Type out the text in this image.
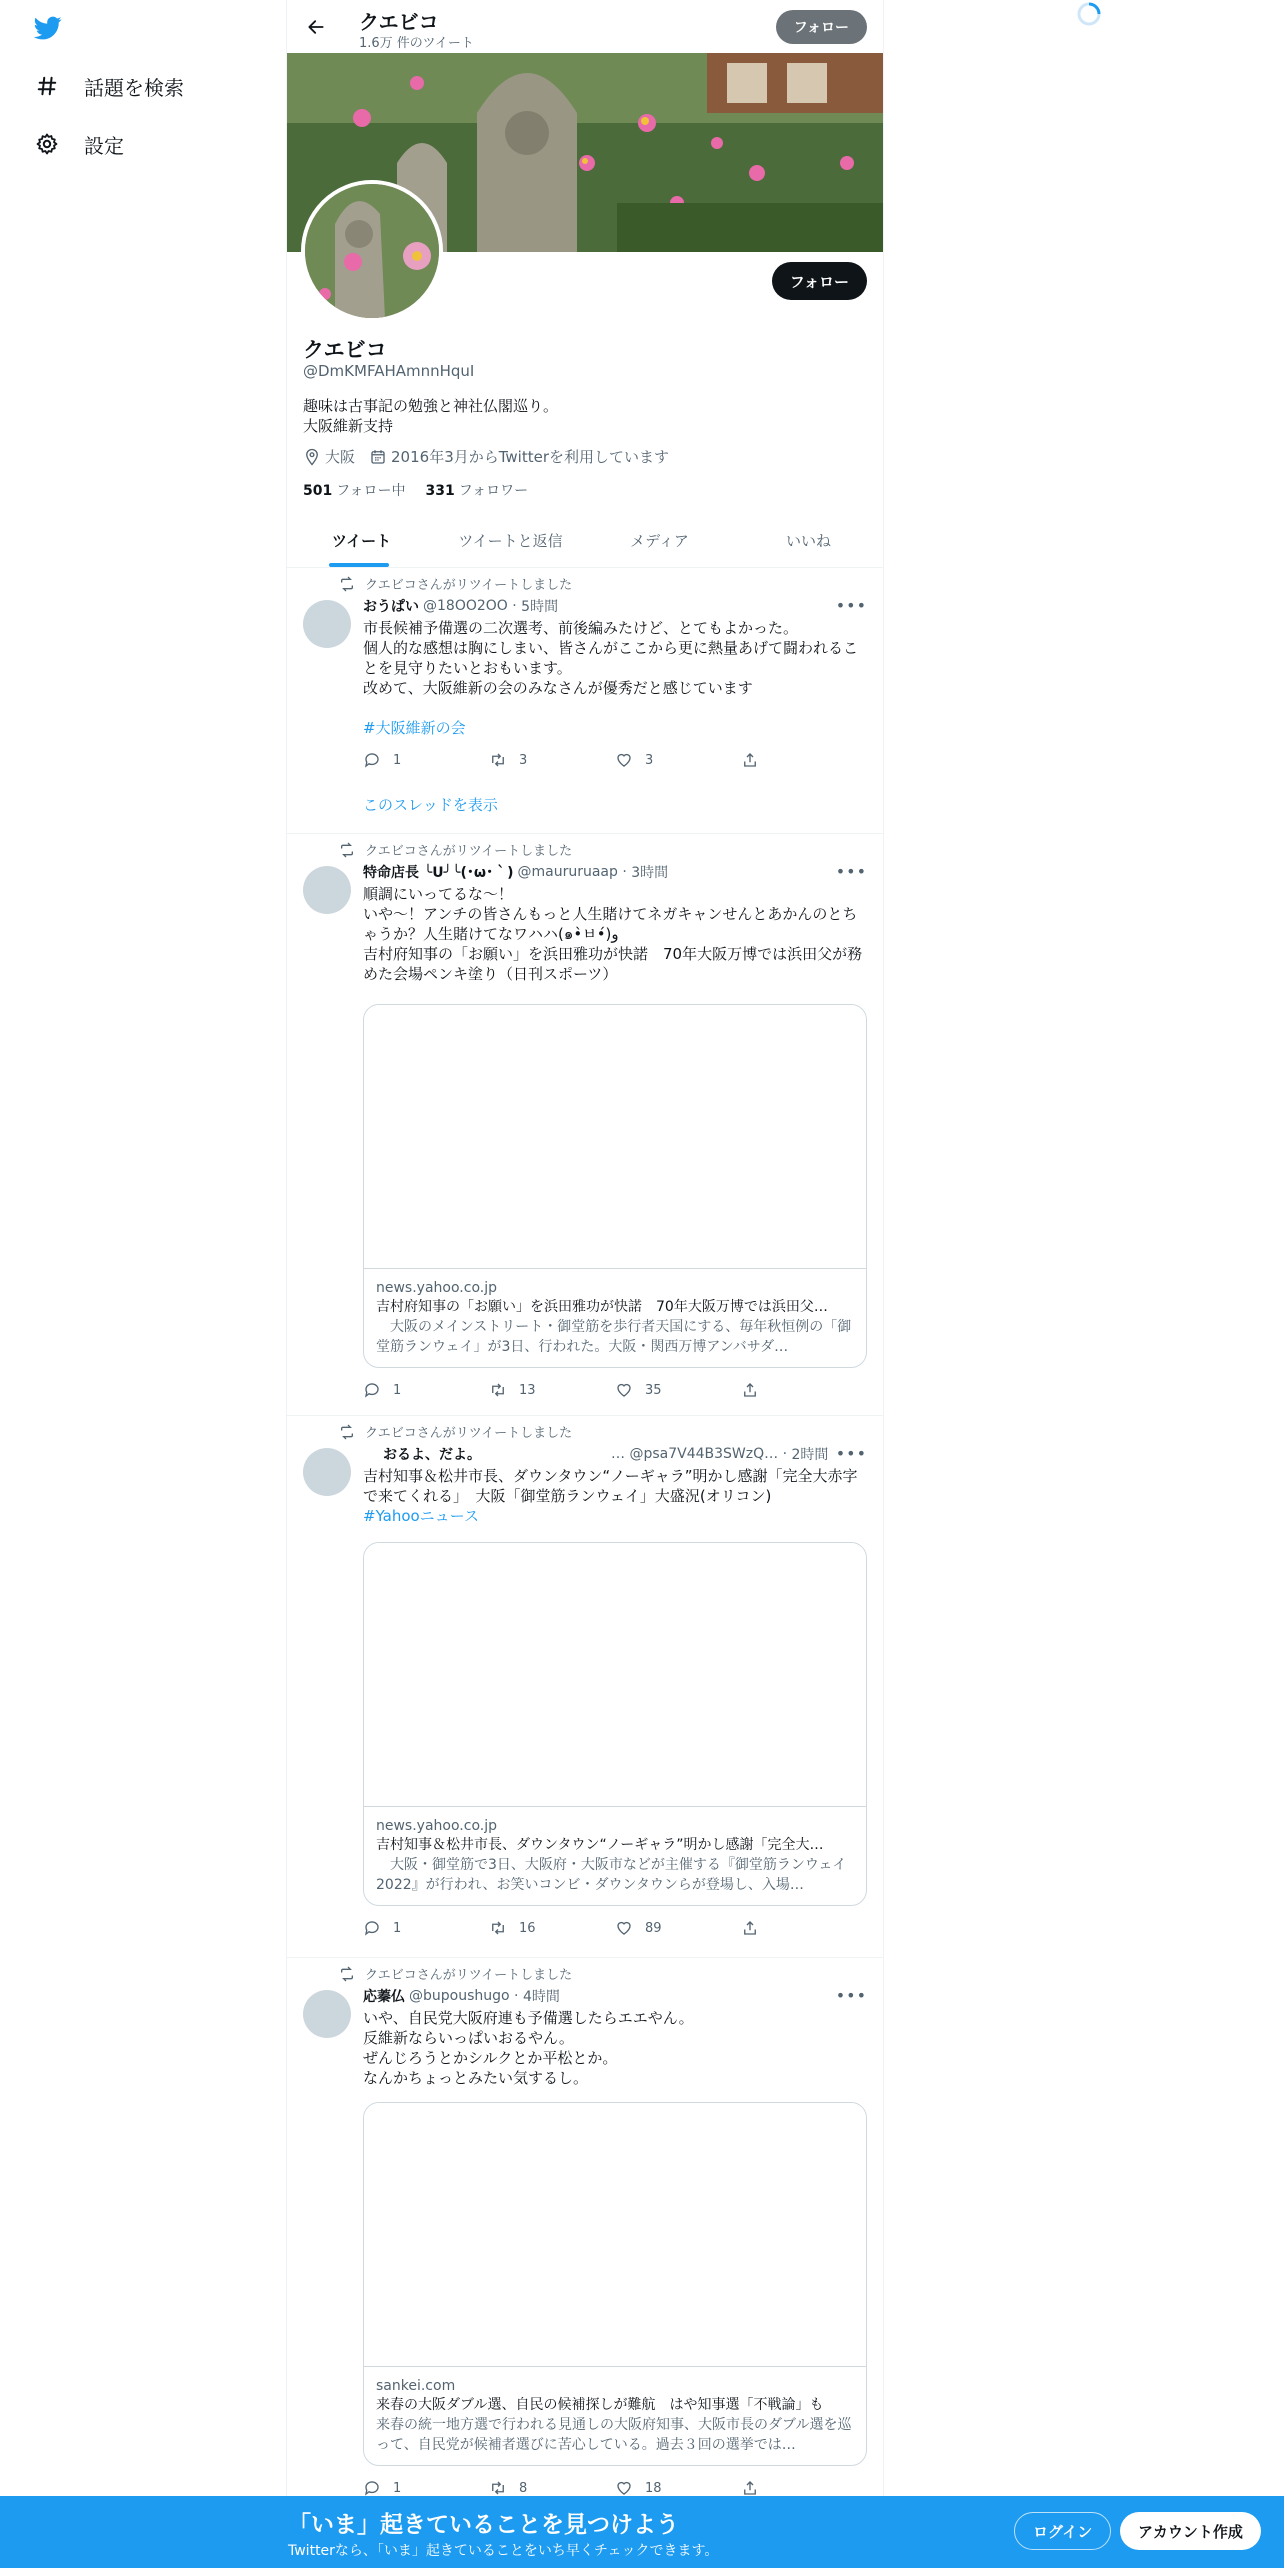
話題を検索
設定
クエビコ
1.6万 件のツイート
フォロー
フォロー
クエビコ
@DmKMFAHAmnnHquI
趣味は古事記の勉強と神社仏閣巡り。
大阪維新支持
大阪 2016年3月からTwitterを利用しています
501 フォロー中 331 フォロワー
ツイート	ツイートと返信	メディア	いいね
クエビコさんがリツイートしました
おうぱい @18OO2OO · 5時間	•••
市長候補予備選の二次選考、前後編みたけど、とてもよかった。
個人的な感想は胸にしまい、皆さんがここから更に熱量あげて闘われることを見守りたいとおもいます。
改めて、大阪維新の会のみなさんが優秀だと感じています
#大阪維新の会
1	3	3
このスレッドを表示
クエビコさんがリツイートしました
特命店長 ╰U╯╰(･ω･｀) @maururuaap · 3時間	•••
順調にいってるな〜！
いや〜！アンチの皆さんもっと人生賭けてネガキャンせんとあかんのとちゃうか？人生賭けてなワハハ(๑•̀ㅂ•́)و
吉村府知事の「お願い」を浜田雅功が快諾　70年大阪万博では浜田父が務めた会場ペンキ塗り（日刊スポーツ）
news.yahoo.co.jp
吉村府知事の「お願い」を浜田雅功が快諾　70年大阪万博では浜田父…
　大阪のメインストリート・御堂筋を歩行者天国にする、毎年秋恒例の「御堂筋ランウェイ」が3日、行われた。大阪・関西万博アンバサダ…
1	13	35
クエビコさんがリツイートしました
おるよ、だよ。	… @psa7V44B3SWzQ… · 2時間 •••
吉村知事＆松井市長、ダウンタウン“ノーギャラ”明かし感謝「完全大赤字で来てくれる」　大阪「御堂筋ランウェイ」大盛況(オリコン)
#Yahooニュース
news.yahoo.co.jp
吉村知事＆松井市長、ダウンタウン“ノーギャラ”明かし感謝「完全大…
　大阪・御堂筋で3日、大阪府・大阪市などが主催する『御堂筋ランウェイ2022』が行われ、お笑いコンビ・ダウンタウンらが登場し、入場…
1	16	89
クエビコさんがリツイートしました
応蓁仏 @bupoushugo · 4時間	•••
いや、自民党大阪府連も予備選したらエエやん。
反維新ならいっぱいおるやん。
ぜんじろうとかシルクとか平松とか。
なんかちょっとみたい気するし。
sankei.com
来春の大阪ダブル選、自民の候補探しが難航　はや知事選「不戦論」も
来春の統一地方選で行われる見通しの大阪府知事、大阪市長のダブル選を巡って、自民党が候補者選びに苦心している。過去３回の選挙では…
1	8	18
「いま」起きていることを見つけよう
Twitterなら、「いま」起きていることをいち早くチェックできます。
ログイン	アカウント作成
